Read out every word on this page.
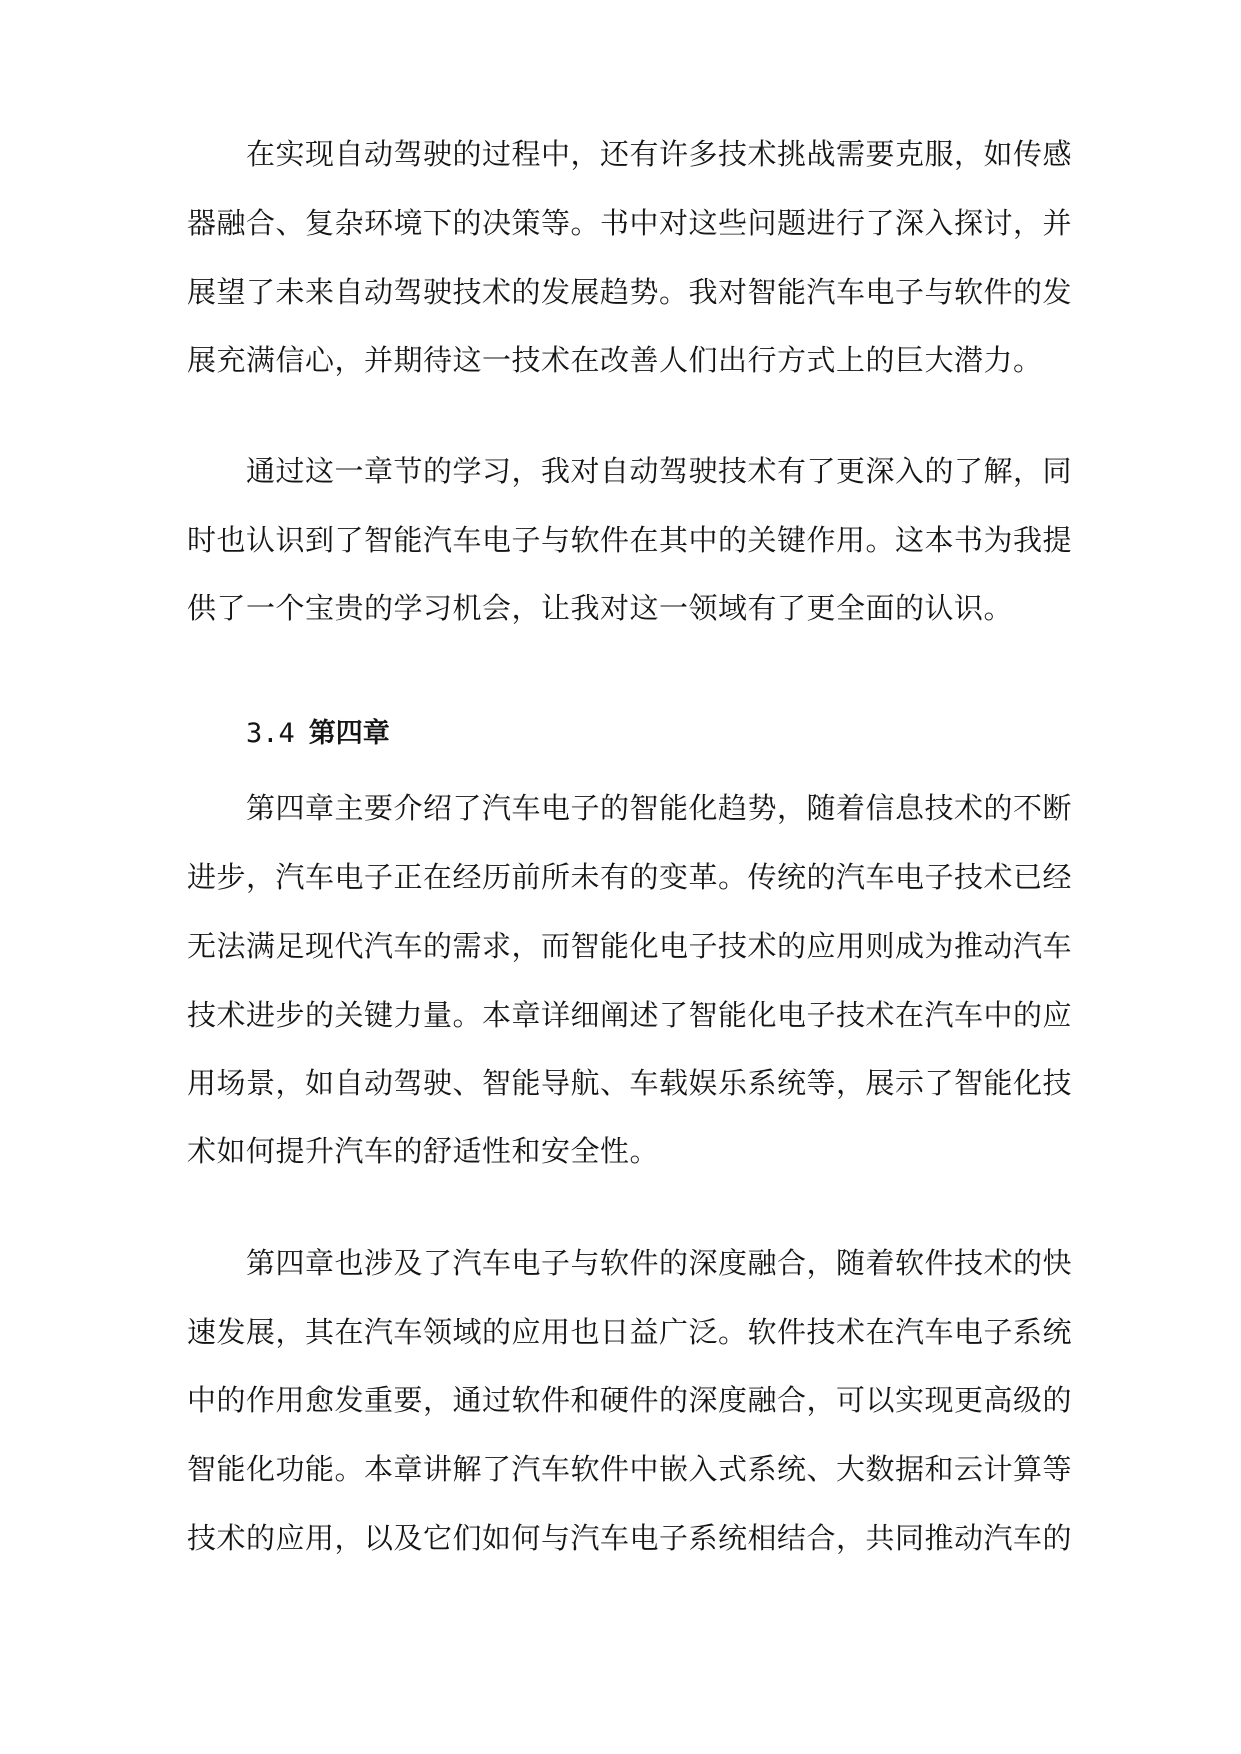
在实现自动驾驶的过程中，还有许多技术挑战需要克服，如传感
器融合、复杂环境下的决策等。书中对这些问题进行了深入探讨，并
展望了未来自动驾驶技术的发展趋势。我对智能汽车电子与软件的发
展充满信心，并期待这一技术在改善人们出行方式上的巨大潜力。
通过这一章节的学习，我对自动驾驶技术有了更深入的了解，同
时也认识到了智能汽车电子与软件在其中的关键作用。这本书为我提
供了一个宝贵的学习机会，让我对这一领域有了更全面的认识。
3.4 第四章
第四章主要介绍了汽车电子的智能化趋势，随着信息技术的不断
进步，汽车电子正在经历前所未有的变革。传统的汽车电子技术已经
无法满足现代汽车的需求，而智能化电子技术的应用则成为推动汽车
技术进步的关键力量。本章详细阐述了智能化电子技术在汽车中的应
用场景，如自动驾驶、智能导航、车载娱乐系统等，展示了智能化技
术如何提升汽车的舒适性和安全性。
第四章也涉及了汽车电子与软件的深度融合，随着软件技术的快
速发展，其在汽车领域的应用也日益广泛。软件技术在汽车电子系统
中的作用愈发重要，通过软件和硬件的深度融合，可以实现更高级的
智能化功能。本章讲解了汽车软件中嵌入式系统、大数据和云计算等
技术的应用，以及它们如何与汽车电子系统相结合，共同推动汽车的
